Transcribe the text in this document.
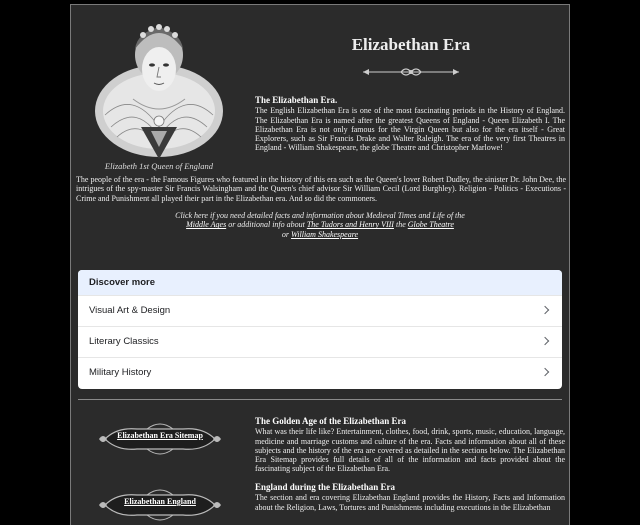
Elizabeth 1st Queen of England
Elizabethan Era
The Elizabethan Era.
The English Elizabethan Era is one of the most fascinating periods in the History of England. The Elizabethan Era is named after the greatest Queens of England - Queen Elizabeth I. The Elizabethan Era is not only famous for the Virgin Queen but also for the era itself - Great Explorers, such as Sir Francis Drake and Walter Raleigh. The era of the very first Theatres in England - William Shakespeare, the globe Theatre and Christopher Marlowe!
The people of the era - the Famous Figures who featured in the history of this era such as the Queen's lover Robert Dudley, the sinister Dr. John Dee, the intrigues of the spy-master Sir Francis Walsingham and the Queen's chief advisor Sir William Cecil (Lord Burghley). Religion - Politics - Executions - Crime and Punishment all played their part in the Elizabethan era. And so did the commoners.
Click here if you need detailed facts and information about Medieval Times and Life of the
Middle Ages or additional info about The Tudors and Henry VIII the Globe Theatre
or William Shakespeare
Discover more
Visual Art & Design
Literary Classics
Military History
Elizabethan Era Sitemap
The Golden Age of the Elizabethan Era
What was their life like? Entertainment, clothes, food, drink, sports, music, education, language, medicine and marriage customs and culture of the era. Facts and information about all of these subjects and the history of the era are covered as detailed in the sections below. The Elizabethan Era Sitemap provides full details of all of the information and facts provided about the fascinating subject of the Elizabethan Era.
Elizabethan England
England during the Elizabethan Era
The section and era covering Elizabethan England provides the History, Facts and Information about the Religion, Laws, Tortures and Punishments including executions in the Elizabethan
